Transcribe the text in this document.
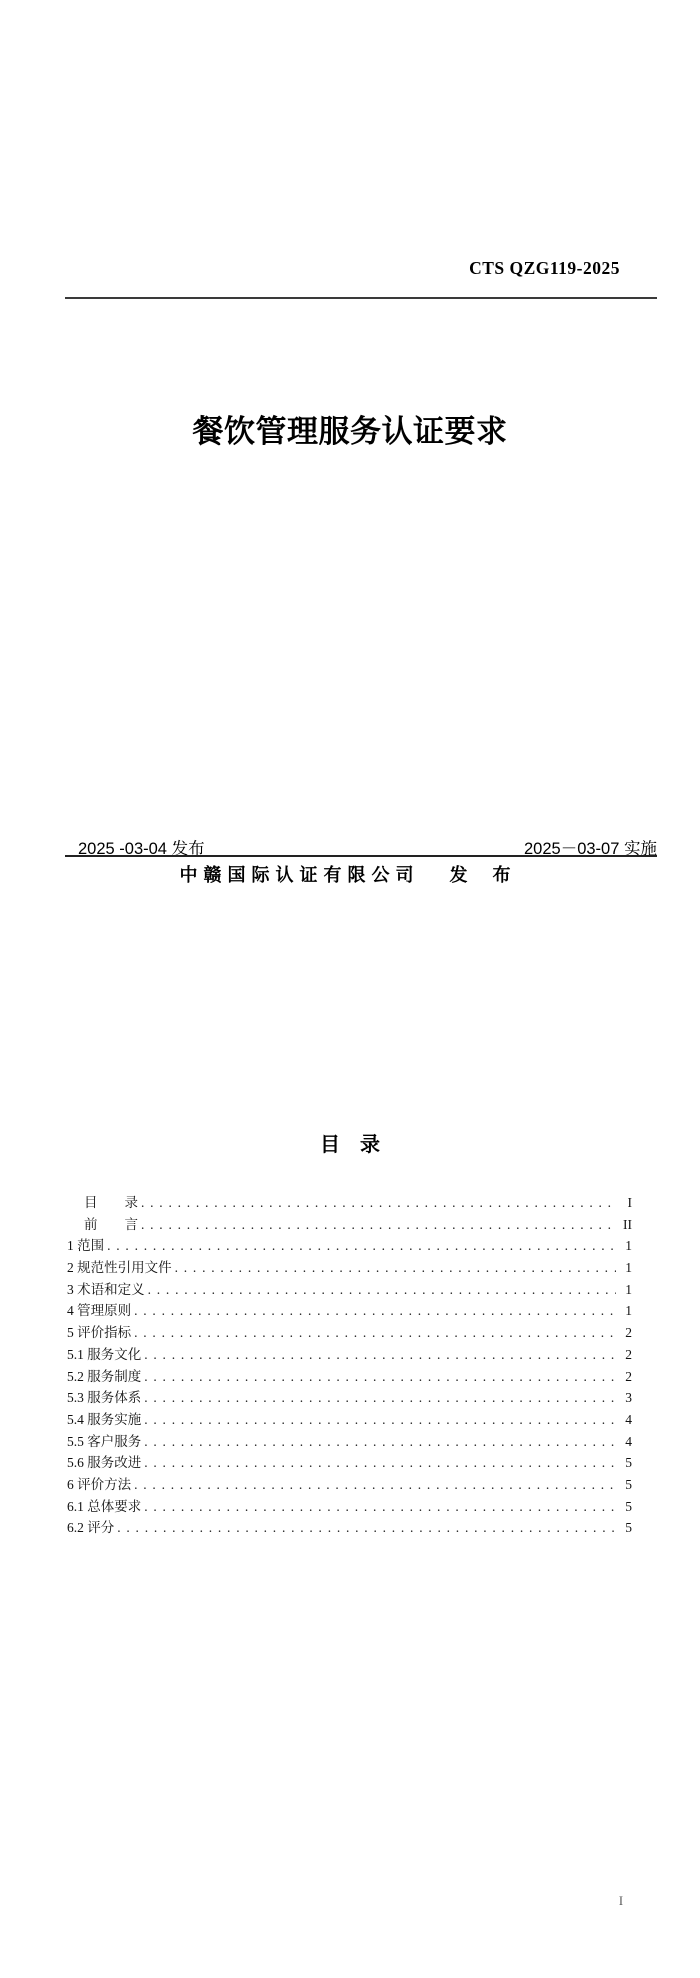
CTS QZG119-2025
餐饮管理服务认证要求
2025 -03-04 发布	2025－03-07 实施
中赣国际认证有限公司 发 布
目　录
目　　录 . . .	I
前　　言 . . .	II
1 范围 . . .	1
2 规范性引用文件 . . .	1
3 术语和定义 . . .	1
4 管理原则 . . .	1
5 评价指标 . . .	2
5.1 服务文化 . . .	2
5.2 服务制度 . . .	2
5.3 服务体系 . . .	3
5.4 服务实施 . . .	4
5.5 客户服务 . . .	4
5.6 服务改进 . . .	5
6 评价方法 . . .	5
6.1 总体要求 . . .	5
6.2 评分 . . .	5
I
